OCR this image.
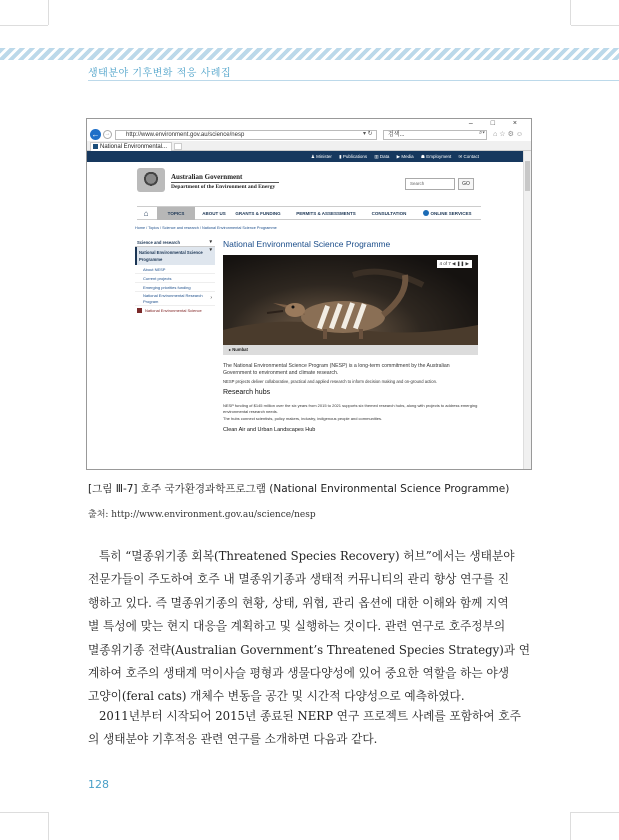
생태분야 기후변화 적응 사례집
– □ ×
← →	http://www.environment.gov.au/science/nesp	▾ ↻	검색...	⌕▾ ⌂☆⚙☺
National Environmental...
♟ Minister ▮ Publications ▥ Data ▶ Media ☗ Employment ✉ Contact
Australian Government
Department of the Environment and Energy
Search	GO
⌂	TOPICS	ABOUT US	GRANTS & FUNDING	PERMITS & ASSESSMENTS	CONSULTATION	ONLINE SERVICES
Home / Topics / Science and research / National Environmental Science Programme
Science and research	▾
National Environmental Science Programme
▾
About NESP
Current projects
Emerging priorities funding
National Environmental Research Program
›
National Environmental Science
National Environmental Science Programme
4 of 7 ◀ ❚❚ ▶
▸ Numbat
The National Environmental Science Program (NESP) is a long-term commitment by the Australian Government to environment and climate research.
NESP projects deliver collaborative, practical and applied research to inform decision making and on-ground action.
Research hubs
NESP funding of $145 million over the six years from 2015 to 2021 supports six themed research hubs, along with projects to address emerging environmental research needs.
The hubs connect scientists, policy makers, industry, indigenous people and communities.
Clean Air and Urban Landscapes Hub
[그림 Ⅲ-7] 호주 국가환경과학프로그램 (National Environmental Science Programme)
출처: http://www.environment.gov.au/science/nesp
특히 “멸종위기종 회복(Threatened Species Recovery) 허브”에서는 생태분야
전문가들이 주도하여 호주 내 멸종위기종과 생태적 커뮤니티의 관리 향상 연구를 진
행하고 있다. 즉 멸종위기종의 현황, 상태, 위협, 관리 옵션에 대한 이해와 함께 지역
별 특성에 맞는 현지 대응을 계획하고 및 실행하는 것이다. 관련 연구로 호주정부의
멸종위기종 전략(Australian Government’s Threatened Species Strategy)과 연
계하여 호주의 생태계 먹이사슬 평형과 생물다양성에 있어 중요한 역할을 하는 야생
고양이(feral cats) 개체수 변동을 공간 및 시간적 다양성으로 예측하였다.
2011년부터 시작되어 2015년 종료된 NERP 연구 프로젝트 사례를 포함하여 호주
의 생태분야 기후적응 관련 연구를 소개하면 다음과 같다.
128
